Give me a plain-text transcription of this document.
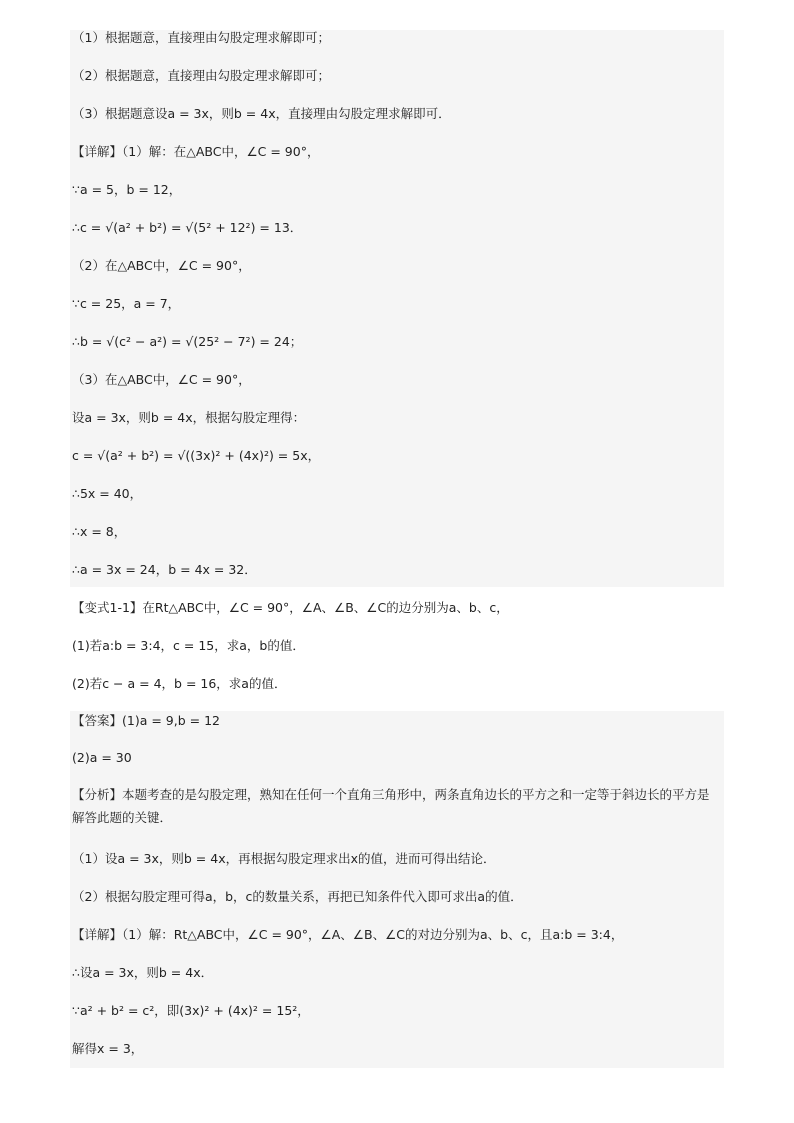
（1）根据题意，直接理由勾股定理求解即可；
（2）根据题意，直接理由勾股定理求解即可；
（3）根据题意设a = 3x，则b = 4x，直接理由勾股定理求解即可．
【详解】（1）解：在△ABC中，∠C = 90°，
∵a = 5，b = 12，
∴c = √(a² + b²) = √(5² + 12²) = 13．
（2）在△ABC中，∠C = 90°，
∵c = 25，a = 7，
∴b = √(c² − a²) = √(25² − 7²) = 24；
（3）在△ABC中，∠C = 90°，
设a = 3x，则b = 4x，根据勾股定理得：
c = √(a² + b²) = √((3x)² + (4x)²) = 5x，
∴5x = 40，
∴x = 8，
∴a = 3x = 24，b = 4x = 32．
【变式1-1】在Rt△ABC中，∠C = 90°，∠A、∠B、∠C的边分别为a、b、c，
(1)若a:b = 3:4，c = 15，求a，b的值．
(2)若c − a = 4，b = 16，求a的值．
【答案】(1)a = 9,b = 12
(2)a = 30
【分析】本题考查的是勾股定理，熟知在任何一个直角三角形中，两条直角边长的平方之和一定等于斜边长的平方是解答此题的关键．
（1）设a = 3x，则b = 4x，再根据勾股定理求出x的值，进而可得出结论．
（2）根据勾股定理可得a，b，c的数量关系，再把已知条件代入即可求出a的值．
【详解】（1）解：Rt△ABC中，∠C = 90°，∠A、∠B、∠C的对边分别为a、b、c，且a:b = 3:4，
∴设a = 3x，则b = 4x．
∵a² + b² = c²，即(3x)² + (4x)² = 15²，
解得x = 3，
